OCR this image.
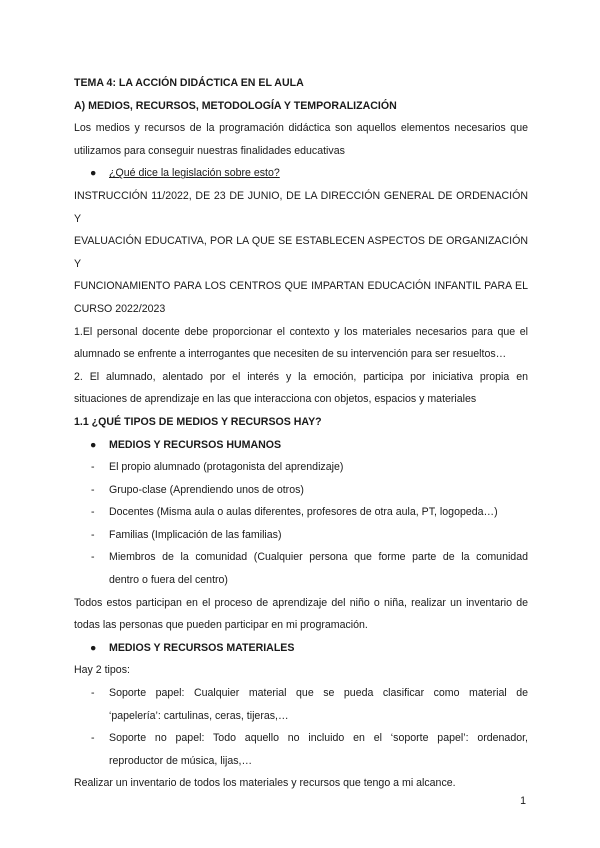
TEMA 4: LA ACCIÓN DIDÁCTICA EN EL AULA
A) MEDIOS, RECURSOS, METODOLOGÍA Y TEMPORALIZACIÓN
Los medios y recursos de la programación didáctica son aquellos elementos necesarios que
utilizamos para conseguir nuestras finalidades educativas
● ¿Qué dice la legislación sobre esto?
INSTRUCCIÓN 11/2022, DE 23 DE JUNIO, DE LA DIRECCIÓN GENERAL DE ORDENACIÓN Y
EVALUACIÓN EDUCATIVA, POR LA QUE SE ESTABLECEN ASPECTOS DE ORGANIZACIÓN Y
FUNCIONAMIENTO PARA LOS CENTROS QUE IMPARTAN EDUCACIÓN INFANTIL PARA EL
CURSO 2022/2023
1.El personal docente debe proporcionar el contexto y los materiales necesarios para que el
alumnado se enfrente a interrogantes que necesiten de su intervención para ser resueltos…
2. El alumnado, alentado por el interés y la emoción, participa por iniciativa propia en
situaciones de aprendizaje en las que interacciona con objetos, espacios y materiales
1.1 ¿QUÉ TIPOS DE MEDIOS Y RECURSOS HAY?
● MEDIOS Y RECURSOS HUMANOS
- El propio alumnado (protagonista del aprendizaje)
- Grupo-clase (Aprendiendo unos de otros)
- Docentes (Misma aula o aulas diferentes, profesores de otra aula, PT, logopeda…)
- Familias (Implicación de las familias)
- Miembros de la comunidad (Cualquier persona que forme parte de la comunidad
dentro o fuera del centro)
Todos estos participan en el proceso de aprendizaje del niño o niña, realizar un inventario de
todas las personas que pueden participar en mi programación.
● MEDIOS Y RECURSOS MATERIALES
Hay 2 tipos:
- Soporte papel: Cualquier material que se pueda clasificar como material de
‘papelería’: cartulinas, ceras, tijeras,…
- Soporte no papel: Todo aquello no incluido en el ‘soporte papel’: ordenador,
reproductor de música, lijas,…
Realizar un inventario de todos los materiales y recursos que tengo a mi alcance.
1
